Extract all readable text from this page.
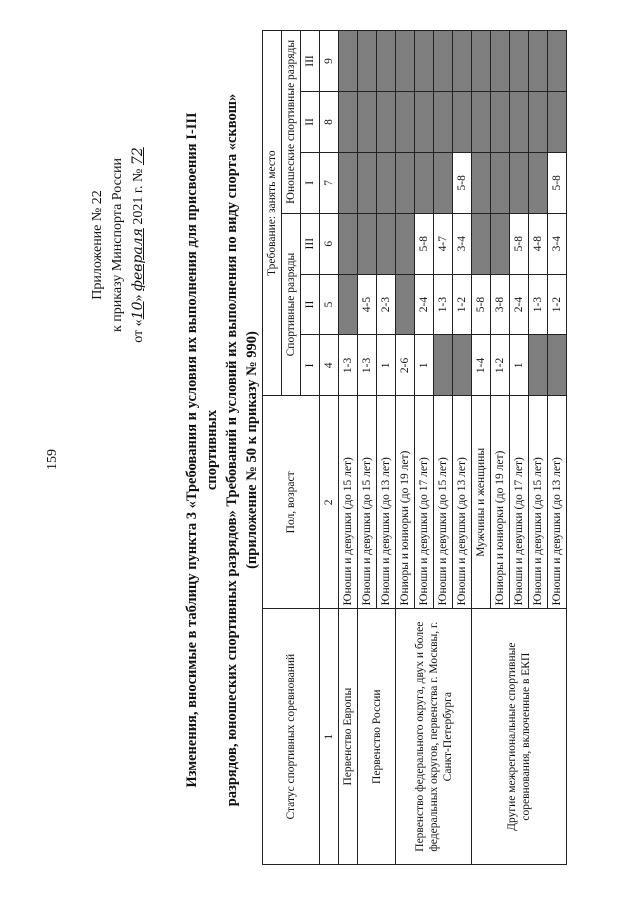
159
Приложение № 22 к приказу Минспорта России от «10» февраля 2021 г. № 72	Изменения, вносимые в таблицу пункта 3 «Требования и условия их выполнения для присвоения I-III спортивных разрядов, юношеских спортивных разрядов» Требований и условий их выполнения по виду спорта «сквош» (приложение № 50 к приказу № 990)
Статус спортивных соревнований	Пол, возраст	Требование: занять место					
		Спортивные разряды			Юношеские спортивные разряды		
		I	II	III	I	II	III
1	2	4	5	6	7	8	9
Первенство Европы	Юноши и девушки (до 15 лет)	1-3					
Первенство России	Юноши и девушки (до 15 лет)	1-3	4-5				
	Юноши и девушки (до 13 лет)	1	2-3				
Первенство федерального округа, двух и более федеральных округов, первенства г. Москвы, г. Санкт-Петербурга	Юниоры и юниорки (до 19 лет)	2-6					
	Юноши и девушки (до 17 лет)	1	2-4	5-8			
	Юноши и девушки (до 15 лет)		1-3	4-7			
	Юноши и девушки (до 13 лет)		1-2	3-4	5-8		
Другие межрегиональные спортивные соревнования, включенные в ЕКП	Мужчины и женщины	1-4	5-8				
	Юниоры и юниорки (до 19 лет)	1-2	3-8				
	Юноши и девушки (до 17 лет)	1	2-4	5-8			
	Юноши и девушки (до 15 лет)		1-3	4-8			
	Юноши и девушки (до 13 лет)		1-2	3-4	5-8		
